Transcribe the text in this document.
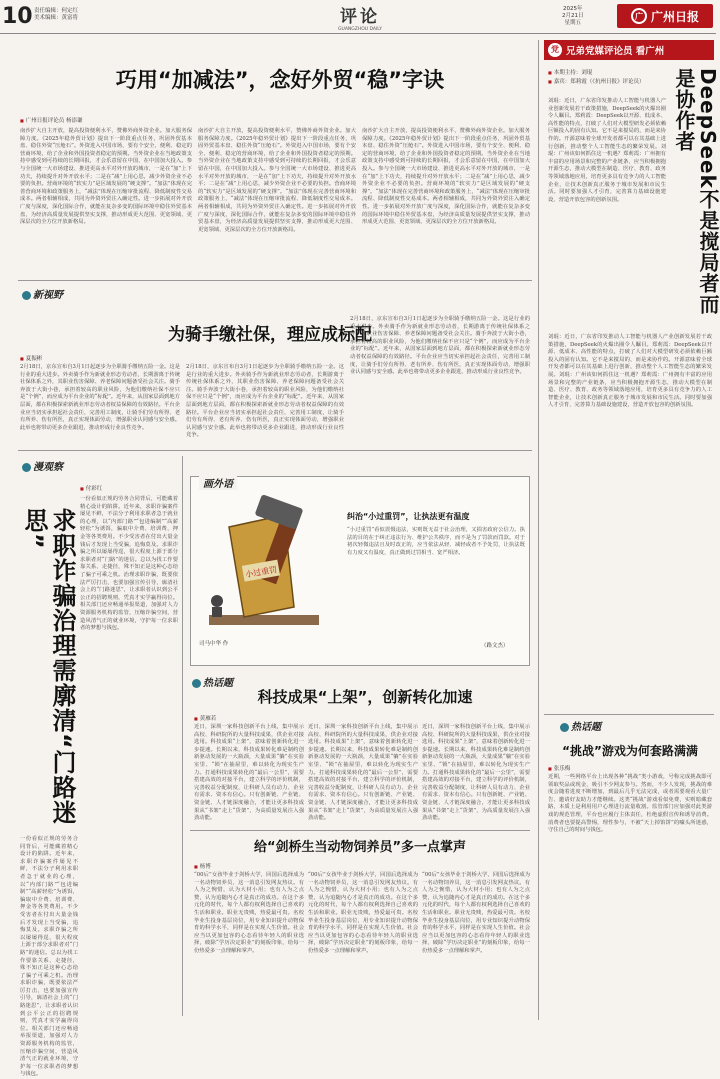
10 责任编辑：何定红
美术编辑：黄富将	评论
GUANGZHOU DAILY
2025年
2月21日
星期五
广 广州日报
巧用“加减法”，念好外贸“稳”字诀
■ 广州日报评论员 杨添谦
南沙扩大自主开放，提高投资便利水平，赞佛外商外资企业。加大服务保障力度。《2025年稳外贸计划》提出下一阶段重点任务，巩固外贸基本盘、稳住外资“压舱石”。外资进入中国市场，要有个安全、便利、稳定的营商环境，给了企业和外国投资者稳定的预期。当外资企业在当地政策支持中感受到可持续的长期回报，才会乐意留在中国，在中国加大投入。参与全国统一大市场建设、推进更高水平对外开放的城市，一是在“加”上下功夫，持续提升对外开放水平；二是在“减”上用心思，减少外资企业不必要的负担。营商环境的“软实力”是区域发展的“硬支撑”。“加法”体现在完善营商环境和政策服务上，“减法”体现在压缩审批流程、降低制度性交易成本。两者相辅相成，共同为外资外贸注入确定性。进一步拓展对外开放广度与深度，深化国际合作，就能在复杂多变的国际环境中稳住外贸基本盘，为经济高质量发展提供坚实支撑，推动形成更大范围、更宽领域、更深层次的全方位开放新格局。
南沙扩大自主开放，提高投资便利水平，赞佛外商外资企业。加大服务保障力度。《2025年稳外贸计划》提出下一阶段重点任务，巩固外贸基本盘、稳住外资“压舱石”。外资进入中国市场，要有个安全、便利、稳定的营商环境，给了企业和外国投资者稳定的预期。当外资企业在当地政策支持中感受到可持续的长期回报，才会乐意留在中国，在中国加大投入。参与全国统一大市场建设、推进更高水平对外开放的城市，一是在“加”上下功夫，持续提升对外开放水平；二是在“减”上用心思，减少外资企业不必要的负担。营商环境的“软实力”是区域发展的“硬支撑”。“加法”体现在完善营商环境和政策服务上，“减法”体现在压缩审批流程、降低制度性交易成本。两者相辅相成，共同为外资外贸注入确定性。进一步拓展对外开放广度与深度，深化国际合作，就能在复杂多变的国际环境中稳住外贸基本盘，为经济高质量发展提供坚实支撑，推动形成更大范围、更宽领域、更深层次的全方位开放新格局。
南沙扩大自主开放，提高投资便利水平，赞佛外商外资企业。加大服务保障力度。《2025年稳外贸计划》提出下一阶段重点任务，巩固外贸基本盘、稳住外资“压舱石”。外资进入中国市场，要有个安全、便利、稳定的营商环境，给了企业和外国投资者稳定的预期。当外资企业在当地政策支持中感受到可持续的长期回报，才会乐意留在中国，在中国加大投入。参与全国统一大市场建设、推进更高水平对外开放的城市，一是在“加”上下功夫，持续提升对外开放水平；二是在“减”上用心思，减少外资企业不必要的负担。营商环境的“软实力”是区域发展的“硬支撑”。“加法”体现在完善营商环境和政策服务上，“减法”体现在压缩审批流程、降低制度性交易成本。两者相辅相成，共同为外资外贸注入确定性。进一步拓展对外开放广度与深度，深化国际合作，就能在复杂多变的国际环境中稳住外贸基本盘，为经济高质量发展提供坚实支撑，推动形成更大范围、更宽领域、更深层次的全方位开放新格局。
新视野
为骑手缴社保，理应成标配
■ 夏振彬
2月18日，京东宣布自3月1日起逐步为全职骑手缴纳五险一金。这是行业的重大进步。外卖骑手作为新就业形态劳动者，长期游离于传统社保体系之外，其职业伤害保障、养老保障问题备受社会关注。骑手奔波于大街小巷，承担着较高的职业风险，为他们缴纳社保不应只是“个例”，而应成为平台企业的“标配”。近年来，从国家层面到地方层面，都在积极探索新就业形态劳动者权益保障的有效路径。平台企业应当切实承担起社会责任，完善用工制度，让骑手们劳有所得、老有所养、伤有所医，真正实现体面劳动，增强职业认同感与安全感。此举也将带动更多企业跟进，推动形成行业良性竞争。
2月18日，京东宣布自3月1日起逐步为全职骑手缴纳五险一金。这是行业的重大进步。外卖骑手作为新就业形态劳动者，长期游离于传统社保体系之外，其职业伤害保障、养老保障问题备受社会关注。骑手奔波于大街小巷，承担着较高的职业风险，为他们缴纳社保不应只是“个例”，而应成为平台企业的“标配”。近年来，从国家层面到地方层面，都在积极探索新就业形态劳动者权益保障的有效路径。平台企业应当切实承担起社会责任，完善用工制度，让骑手们劳有所得、老有所养、伤有所医，真正实现体面劳动，增强职业认同感与安全感。此举也将带动更多企业跟进，推动形成行业良性竞争。
2月18日，京东宣布自3月1日起逐步为全职骑手缴纳五险一金。这是行业的重大进步。外卖骑手作为新就业形态劳动者，长期游离于传统社保体系之外，其职业伤害保障、养老保障问题备受社会关注。骑手奔波于大街小巷，承担着较高的职业风险，为他们缴纳社保不应只是“个例”，而应成为平台企业的“标配”。近年来，从国家层面到地方层面，都在积极探索新就业形态劳动者权益保障的有效路径。平台企业应当切实承担起社会责任，完善用工制度，让骑手们劳有所得、老有所养、伤有所医，真正实现体面劳动，增强职业认同感与安全感。此举也将带动更多企业跟进，推动形成行业良性竞争。
漫观察
■ 付彩红
求职诈骗治理需廓清“门路迷思”
一份看似正规的劳务合同背后，可能藏着精心设计的陷阱。近年来，求职诈骗案件屡见不鲜，不法分子利用求职者急于就业的心理，以“内部门路”“包进编制”“高薪轻松”为诱饵，骗取中介费、培训费、押金等各类费用。不少受害者在付出大量金钱后才发现上当受骗，追悔莫及。求职诈骗之所以屡屡得逞，很大程度上源于部分求职者对“门路”的迷信。总以为找工作要靠关系、走捷径，殊不知正是这种心态给了骗子可乘之机。治理求职诈骗，既要依法严厉打击，也要加强宣传引导，廓清社会上的“门路迷思”，让求职者认识到公平公正的招聘规则，凭真才实学赢得岗位。相关部门还应畅通举报渠道，加强对人力资源服务机构的监管，压缩诈骗空间，营造风清气正的就业环境，守护每一位求职者的梦想与钱包。
一份看似正规的劳务合同背后，可能藏着精心设计的陷阱。近年来，求职诈骗案件屡见不鲜，不法分子利用求职者急于就业的心理，以“内部门路”“包进编制”“高薪轻松”为诱饵，骗取中介费、培训费、押金等各类费用。不少受害者在付出大量金钱后才发现上当受骗，追悔莫及。求职诈骗之所以屡屡得逞，很大程度上源于部分求职者对“门路”的迷信。总以为找工作要靠关系、走捷径，殊不知正是这种心态给了骗子可乘之机。治理求职诈骗，既要依法严厉打击，也要加强宣传引导，廓清社会上的“门路迷思”，让求职者认识到公平公正的招聘规则，凭真才实学赢得岗位。相关部门还应畅通举报渠道，加强对人力资源服务机构的监管，压缩诈骗空间，营造风清气正的就业环境，守护每一位求职者的梦想与钱包。
画外语
小过重罚
司马中华 作
纠治“小过重罚”，让执法更有温度
“小过重罚”看似震慑违法，实则既无益于社会治理，又损害政府公信力。执法的目的在于纠正违法行为、维护公共秩序，而不是为了罚款而罚款。对于初次轻微违法且及时改正的，应当依法从轻、减轻或者不予处罚，让执法既有力度又有温度，真正做到过罚相当、宽严相济。
（路文杰）
热话题
科技成果“上架”，创新转化加速
■ 黄雁若
近日，深圳一家科技创新平台上线，集中展示高校、科研院所的大量科技成果，供企业对接选用。科技成果“上架”，意味着创新转化进一步提速。长期以来，科技成果转化难是制约创新驱动发展的一大瓶颈，大量成果“躺”在实验室里、“锁”在抽屉里，难以转化为现实生产力。打通科技成果转化的“最后一公里”，需要搭建高效的对接平台，建立科学的评价机制，完善收益分配制度，让科研人员有动力、企业有需求、资本有信心。只有创新链、产业链、资金链、人才链深度融合，才能让更多科技成果从“书架”走上“货架”，为高质量发展注入强劲动能。
近日，深圳一家科技创新平台上线，集中展示高校、科研院所的大量科技成果，供企业对接选用。科技成果“上架”，意味着创新转化进一步提速。长期以来，科技成果转化难是制约创新驱动发展的一大瓶颈，大量成果“躺”在实验室里、“锁”在抽屉里，难以转化为现实生产力。打通科技成果转化的“最后一公里”，需要搭建高效的对接平台，建立科学的评价机制，完善收益分配制度，让科研人员有动力、企业有需求、资本有信心。只有创新链、产业链、资金链、人才链深度融合，才能让更多科技成果从“书架”走上“货架”，为高质量发展注入强劲动能。
近日，深圳一家科技创新平台上线，集中展示高校、科研院所的大量科技成果，供企业对接选用。科技成果“上架”，意味着创新转化进一步提速。长期以来，科技成果转化难是制约创新驱动发展的一大瓶颈，大量成果“躺”在实验室里、“锁”在抽屉里，难以转化为现实生产力。打通科技成果转化的“最后一公里”，需要搭建高效的对接平台，建立科学的评价机制，完善收益分配制度，让科研人员有动力、企业有需求、资本有信心。只有创新链、产业链、资金链、人才链深度融合，才能让更多科技成果从“书架”走上“货架”，为高质量发展注入强劲动能。
给“剑桥生当动物饲养员”多一点掌声
■ 杨博
“00后”女孩毕业于剑桥大学，回国后选择成为一名动物饲养员，这一消息引发网友热议。有人为之惋惜，认为大材小用；也有人为之点赞，认为追随内心才是真正的成功。在这个多元化的时代，每个人都有权利选择自己喜欢的生活和职业。职业无贵贱，热爱最可贵。名校毕业生投身基层岗位，用专业知识提升动物保育的科学水平，同样是在实现人生价值。社会应当以更加包容的心态看待年轻人的职业选择，破除“学历决定职业”的刻板印象，给每一份热爱多一点理解和掌声。
“00后”女孩毕业于剑桥大学，回国后选择成为一名动物饲养员，这一消息引发网友热议。有人为之惋惜，认为大材小用；也有人为之点赞，认为追随内心才是真正的成功。在这个多元化的时代，每个人都有权利选择自己喜欢的生活和职业。职业无贵贱，热爱最可贵。名校毕业生投身基层岗位，用专业知识提升动物保育的科学水平，同样是在实现人生价值。社会应当以更加包容的心态看待年轻人的职业选择，破除“学历决定职业”的刻板印象，给每一份热爱多一点理解和掌声。
“00后”女孩毕业于剑桥大学，回国后选择成为一名动物饲养员，这一消息引发网友热议。有人为之惋惜，认为大材小用；也有人为之点赞，认为追随内心才是真正的成功。在这个多元化的时代，每个人都有权利选择自己喜欢的生活和职业。职业无贵贱，热爱最可贵。名校毕业生投身基层岗位，用专业知识提升动物保育的科学水平，同样是在实现人生价值。社会应当以更加包容的心态看待年轻人的职业选择，破除“学历决定职业”的刻板印象，给每一份热爱多一点理解和掌声。
党 兄弟党媒评论员 看广州
■ 本期主持：刘琨
■ 嘉宾：郑莉霞（《抗州日报》评论员）	DeepSeek不是搅局者而是协作者
刘琨：近日，广东省印发推动人工智能与机器人产业创新发展若干政策措施，DeepSeek的火爆出圈令人瞩目。郑莉霞：DeepSeek以开源、低成本、高性能的特点，打破了人们对大模型研发必须依赖巨额投入的固有认知。它不是来搅局的，而是来协作的。开源意味着全球开发者都可以在其基础上进行创新，推动整个人工智能生态的繁荣发展。刘琨：广州该如何抓住这一机遇？郑莉霞：广州拥有丰富的应用场景和完整的产业链条，应当积极拥抱开源生态，推动大模型在制造、医疗、教育、政务等领域落地应用，培育更多具有竞争力的人工智能企业，让技术创新真正服务于城市发展和市民生活。同时要加强人才引育，完善算力基础设施建设，营造开放包容的创新氛围。
刘琨：近日，广东省印发推动人工智能与机器人产业创新发展若干政策措施，DeepSeek的火爆出圈令人瞩目。郑莉霞：DeepSeek以开源、低成本、高性能的特点，打破了人们对大模型研发必须依赖巨额投入的固有认知。它不是来搅局的，而是来协作的。开源意味着全球开发者都可以在其基础上进行创新，推动整个人工智能生态的繁荣发展。刘琨：广州该如何抓住这一机遇？郑莉霞：广州拥有丰富的应用场景和完整的产业链条，应当积极拥抱开源生态，推动大模型在制造、医疗、教育、政务等领域落地应用，培育更多具有竞争力的人工智能企业，让技术创新真正服务于城市发展和市民生活。同时要加强人才引育，完善算力基础设施建设，营造开放包容的创新氛围。
热话题
“挑战”游戏为何套路满满
■ 张乐梅
近期，一些网络平台上出现各种“挑战”类小游戏，号称完成挑战即可领取奖品或现金，吸引不少网友参与。然而，不少人发现，挑战的难度会随着进度不断增加，到最后几乎无法完成，或者需要观看大量广告、邀请好友助力才能继续。这类“挑战”游戏看似免费，实则暗藏套路，本质上是利用用户心理进行流量收割。监管部门应加强对此类游戏的规范管理，平台也应履行主体责任，杜绝虚假宣传和诱导消费。消费者也要提高警惕，理性参与，不被“天上掉馅饼”的噱头所迷惑，守住自己的时间与钱包。
